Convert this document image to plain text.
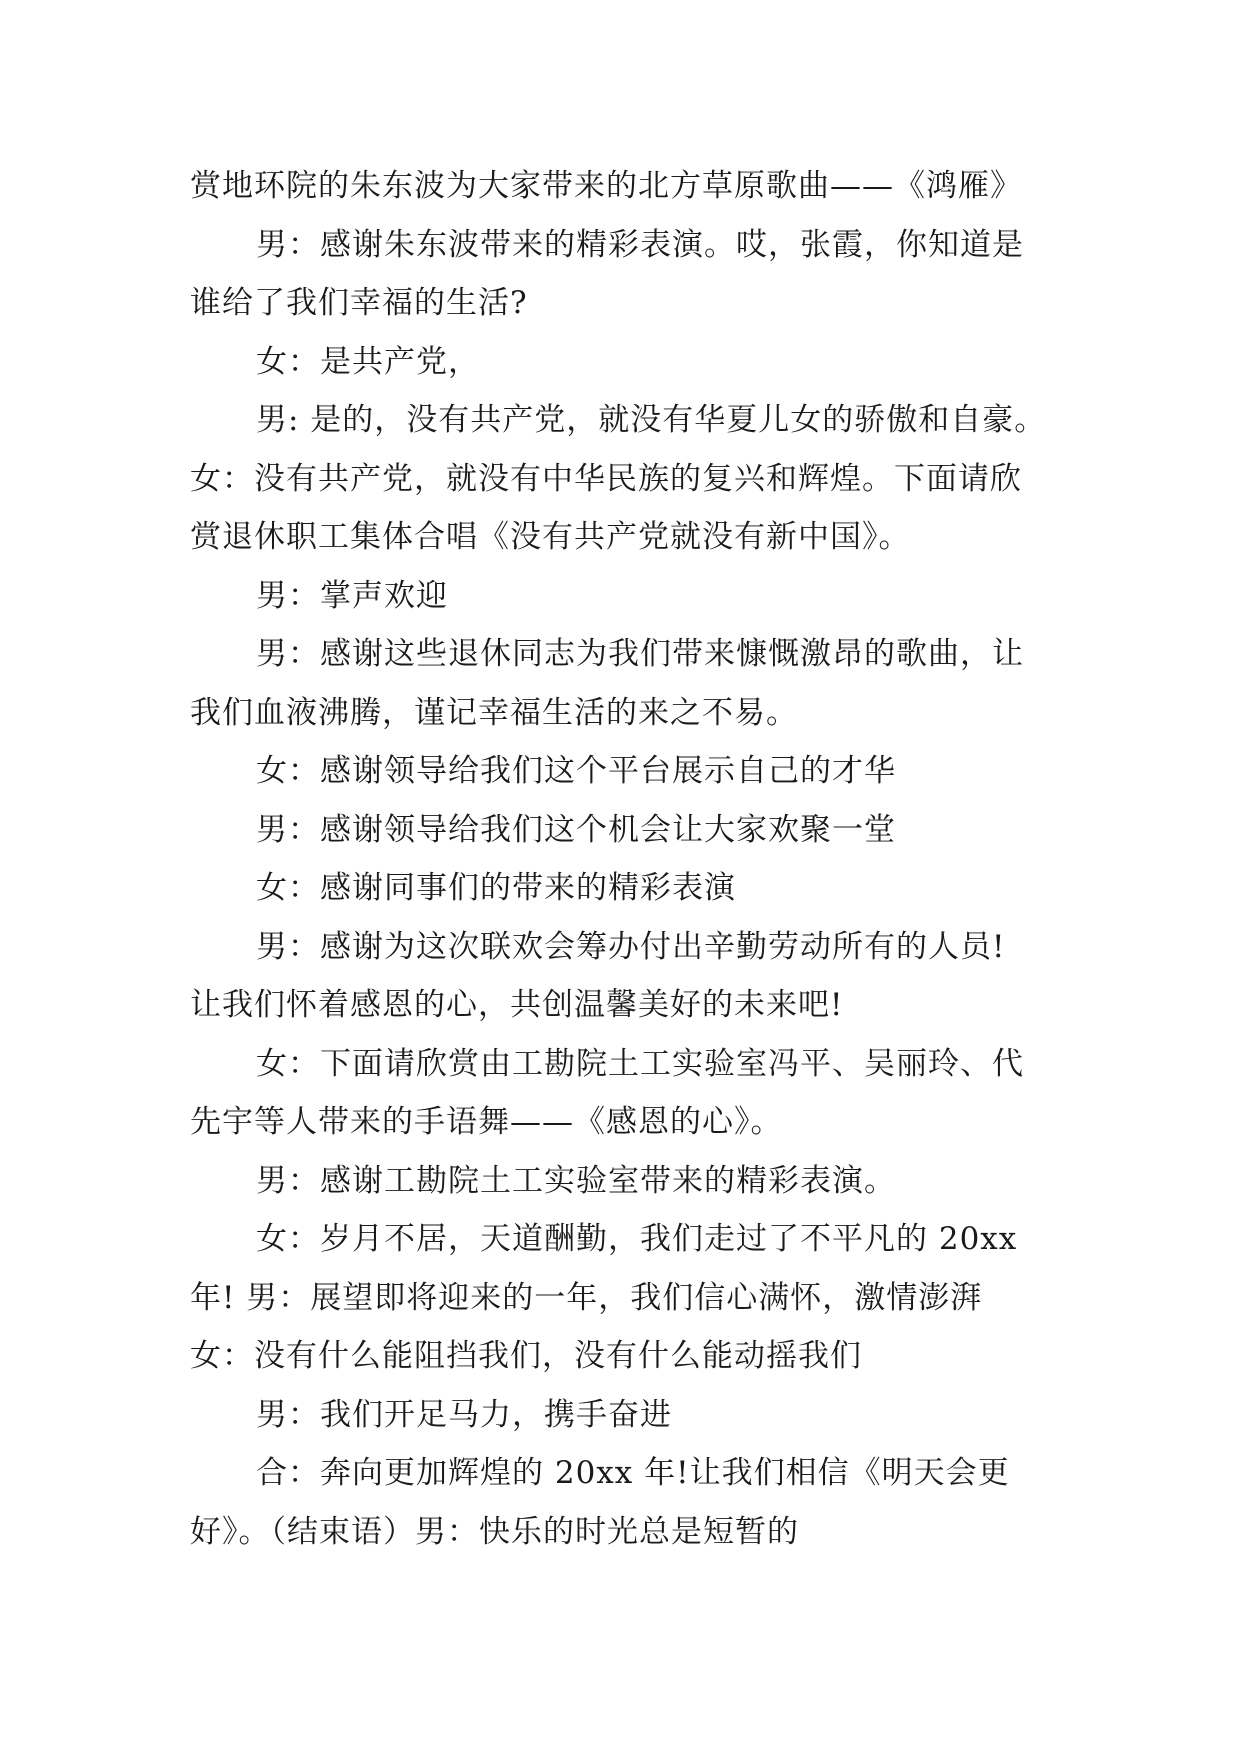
赏地环院的朱东波为大家带来的北方草原歌曲——《鸿雁》
男：感谢朱东波带来的精彩表演。哎，张霞，你知道是
谁给了我们幸福的生活?
女：是共产党，
男: 是的，没有共产党，就没有华夏儿女的骄傲和自豪。
女：没有共产党，就没有中华民族的复兴和辉煌。下面请欣
赏退休职工集体合唱《没有共产党就没有新中国》。
男：掌声欢迎
男：感谢这些退休同志为我们带来慷慨激昂的歌曲，让
我们血液沸腾，谨记幸福生活的来之不易。
女：感谢领导给我们这个平台展示自己的才华
男：感谢领导给我们这个机会让大家欢聚一堂
女：感谢同事们的带来的精彩表演
男：感谢为这次联欢会筹办付出辛勤劳动所有的人员!
让我们怀着感恩的心，共创温馨美好的未来吧!
女：下面请欣赏由工勘院土工实验室冯平、吴丽玲、代
先宇等人带来的手语舞——《感恩的心》。
男：感谢工勘院土工实验室带来的精彩表演。
女：岁月不居，天道酬勤，我们走过了不平凡的 20xx
年! 男：展望即将迎来的一年，我们信心满怀，激情澎湃
女：没有什么能阻挡我们，没有什么能动摇我们
男：我们开足马力，携手奋进
合：奔向更加辉煌的 20xx 年!让我们相信《明天会更
好》。（结束语）男：快乐的时光总是短暂的
